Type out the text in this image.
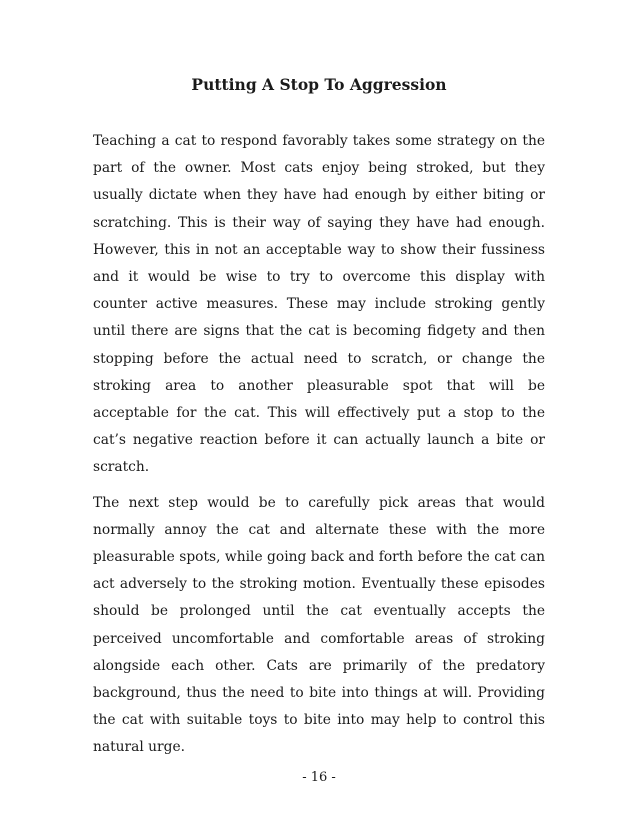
Putting A Stop To Aggression

Teaching a cat to respond favorably takes some strategy on the part of the owner. Most cats enjoy being stroked, but they usually dictate when they have had enough by either biting or scratching. This is their way of saying they have had enough. However, this in not an acceptable way to show their fussiness and it would be wise to try to overcome this display with counter active measures. These may include stroking gently until there are signs that the cat is becoming fidgety and then stopping before the actual need to scratch, or change the stroking area to another pleasurable spot that will be acceptable for the cat. This will effectively put a stop to the cat’s negative reaction before it can actually launch a bite or scratch.

The next step would be to carefully pick areas that would normally annoy the cat and alternate these with the more pleasurable spots, while going back and forth before the cat can act adversely to the stroking motion. Eventually these episodes should be prolonged until the cat eventually accepts the perceived uncomfortable and comfortable areas of stroking alongside each other. Cats are primarily of the predatory background, thus the need to bite into things at will. Providing the cat with suitable toys to bite into may help to control this natural urge.

- 16 -
